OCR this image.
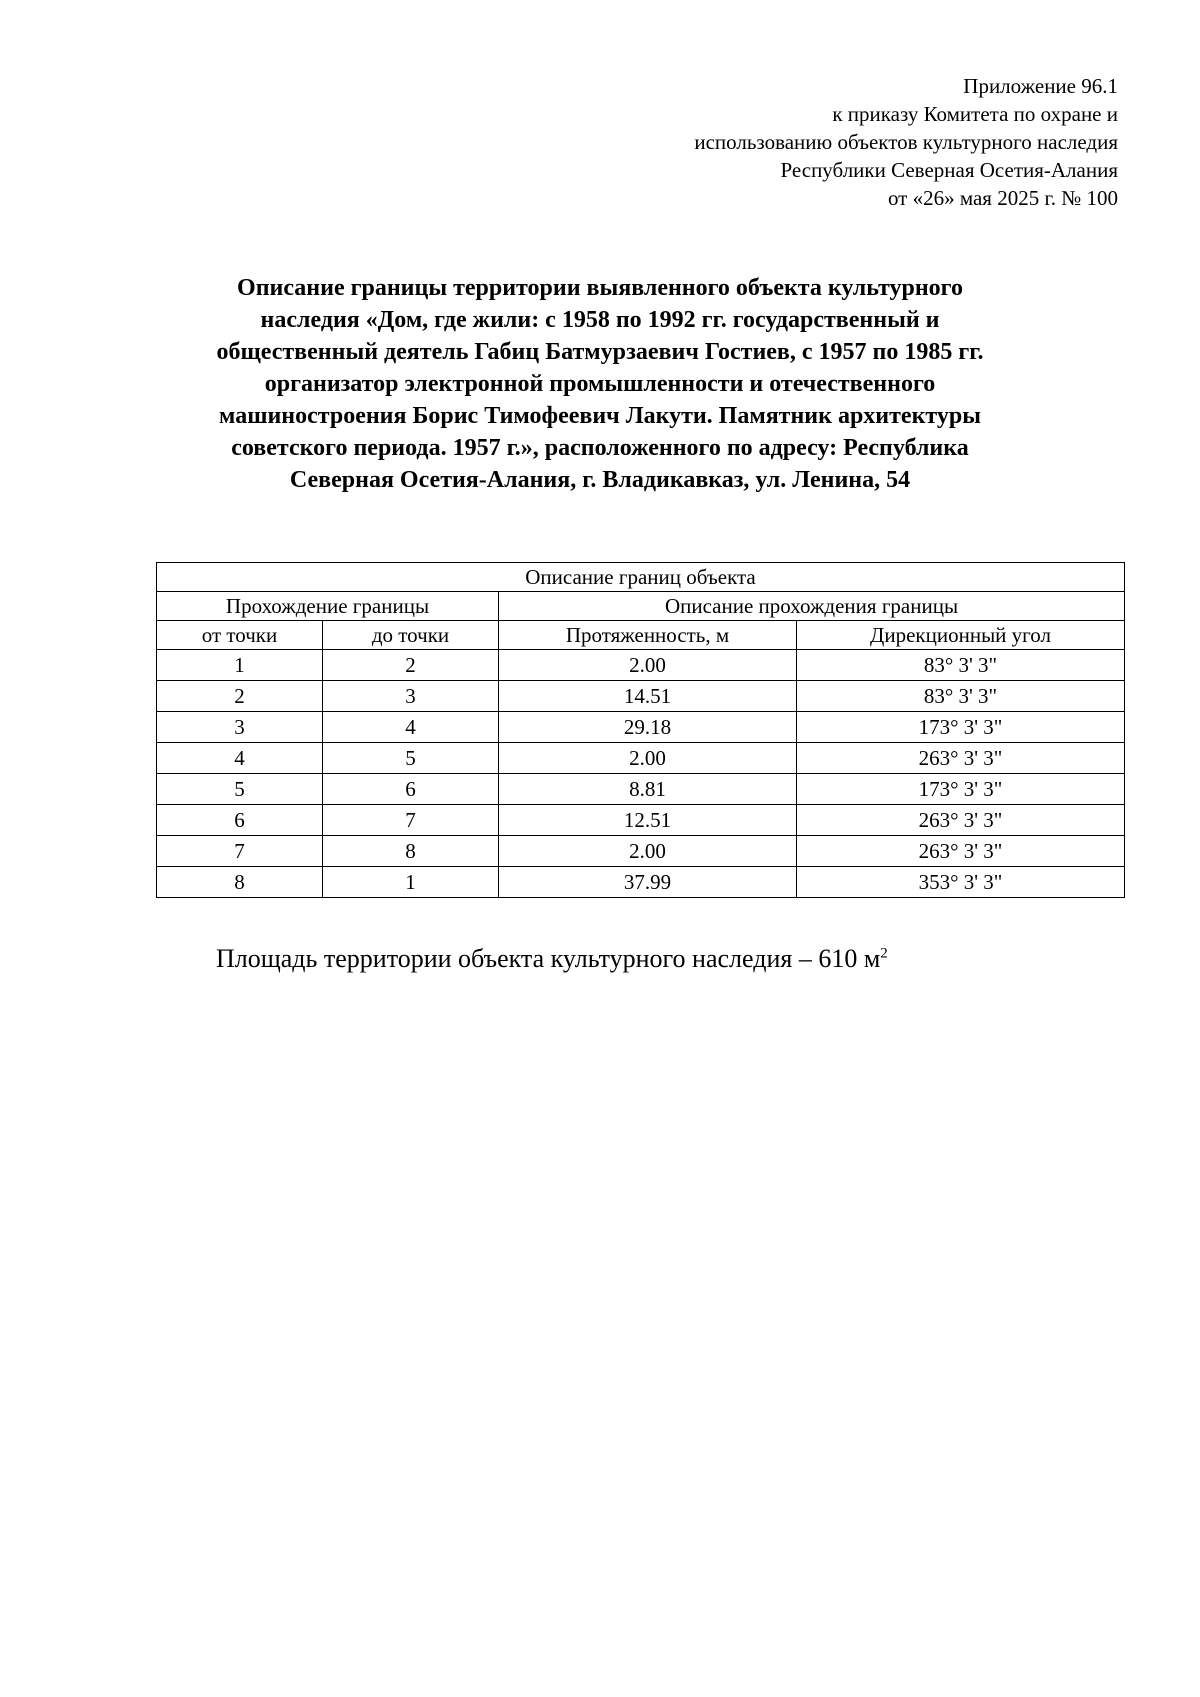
Приложение 96.1
к приказу Комитета по охране и
использованию объектов культурного наследия
Республики Северная Осетия-Алания
от «26» мая 2025 г. № 100
Описание границы территории выявленного объекта культурного
наследия «Дом, где жили: с 1958 по 1992 гг. государственный и
общественный деятель Габиц Батмурзаевич Гостиев, с 1957 по 1985 гг.
организатор электронной промышленности и отечественного
машиностроения Борис Тимофеевич Лакути. Памятник архитектуры
советского периода. 1957 г.», расположенного по адресу: Республика
Северная Осетия-Алания, г. Владикавказ, ул. Ленина, 54
Описание границ объекта			
Прохождение границы		Описание прохождения границы	
от точки	до точки	Протяженность, м	Дирекционный угол
1	2	2.00	83° 3' 3"
2	3	14.51	83° 3' 3"
3	4	29.18	173° 3' 3"
4	5	2.00	263° 3' 3"
5	6	8.81	173° 3' 3"
6	7	12.51	263° 3' 3"
7	8	2.00	263° 3' 3"
8	1	37.99	353° 3' 3"
Площадь территории объекта культурного наследия – 610 $м^2$
